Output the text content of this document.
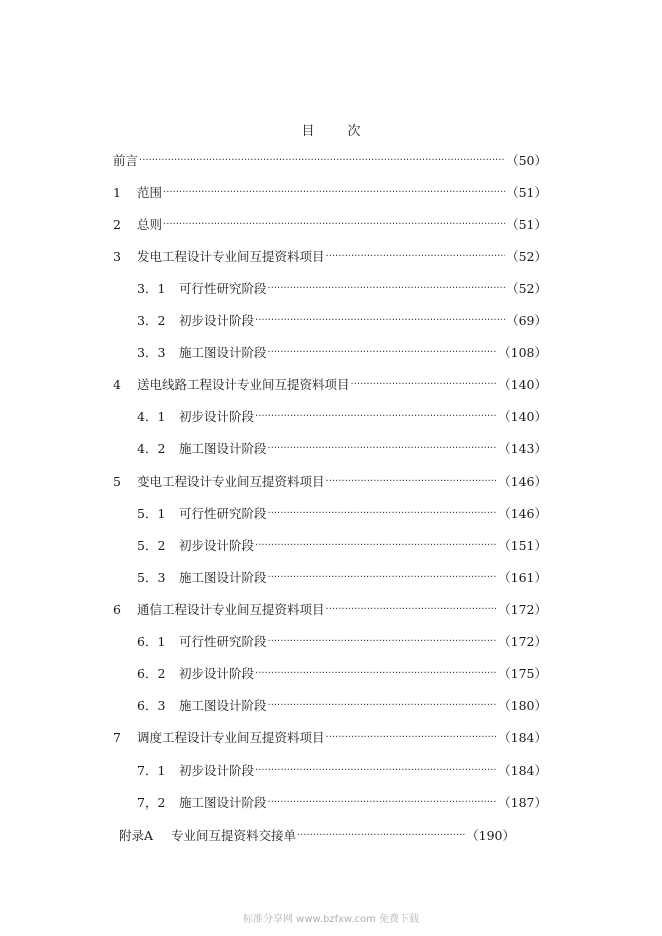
目        次
前言 ·····	（50）
1	范围 ·····	（51）
2	总则 ·····	（51）
3	发电工程设计专业间互提资料项目 ·····	（52）
3．1	可行性研究阶段 ·····	（52）
3．2	初步设计阶段 ·····	（69）
3．3	施工图设计阶段 ·····	（108）
4	送电线路工程设计专业间互提资料项目 ·····	（140）
4．1	初步设计阶段 ·····	（140）
4．2	施工图设计阶段 ·····	（143）
5	变电工程设计专业间互提资料项目 ·····	（146）
5．1	可行性研究阶段 ·····	（146）
5．2	初步设计阶段 ·····	（151）
5．3	施工图设计阶段 ·····	（161）
6	通信工程设计专业间互提资料项目 ·····	（172）
6．1	可行性研究阶段 ·····	（172）
6．2	初步设计阶段 ·····	（175）
6．3	施工图设计阶段 ·····	（180）
7	调度工程设计专业间互提资料项目 ·····	（184）
7．1	初步设计阶段 ·····	（184）
7，2	施工图设计阶段 ·····	（187）
附录A	专业间互提资料交接单 ·····	（190）
标准分享网 www.bzfxw.com 免费下载
